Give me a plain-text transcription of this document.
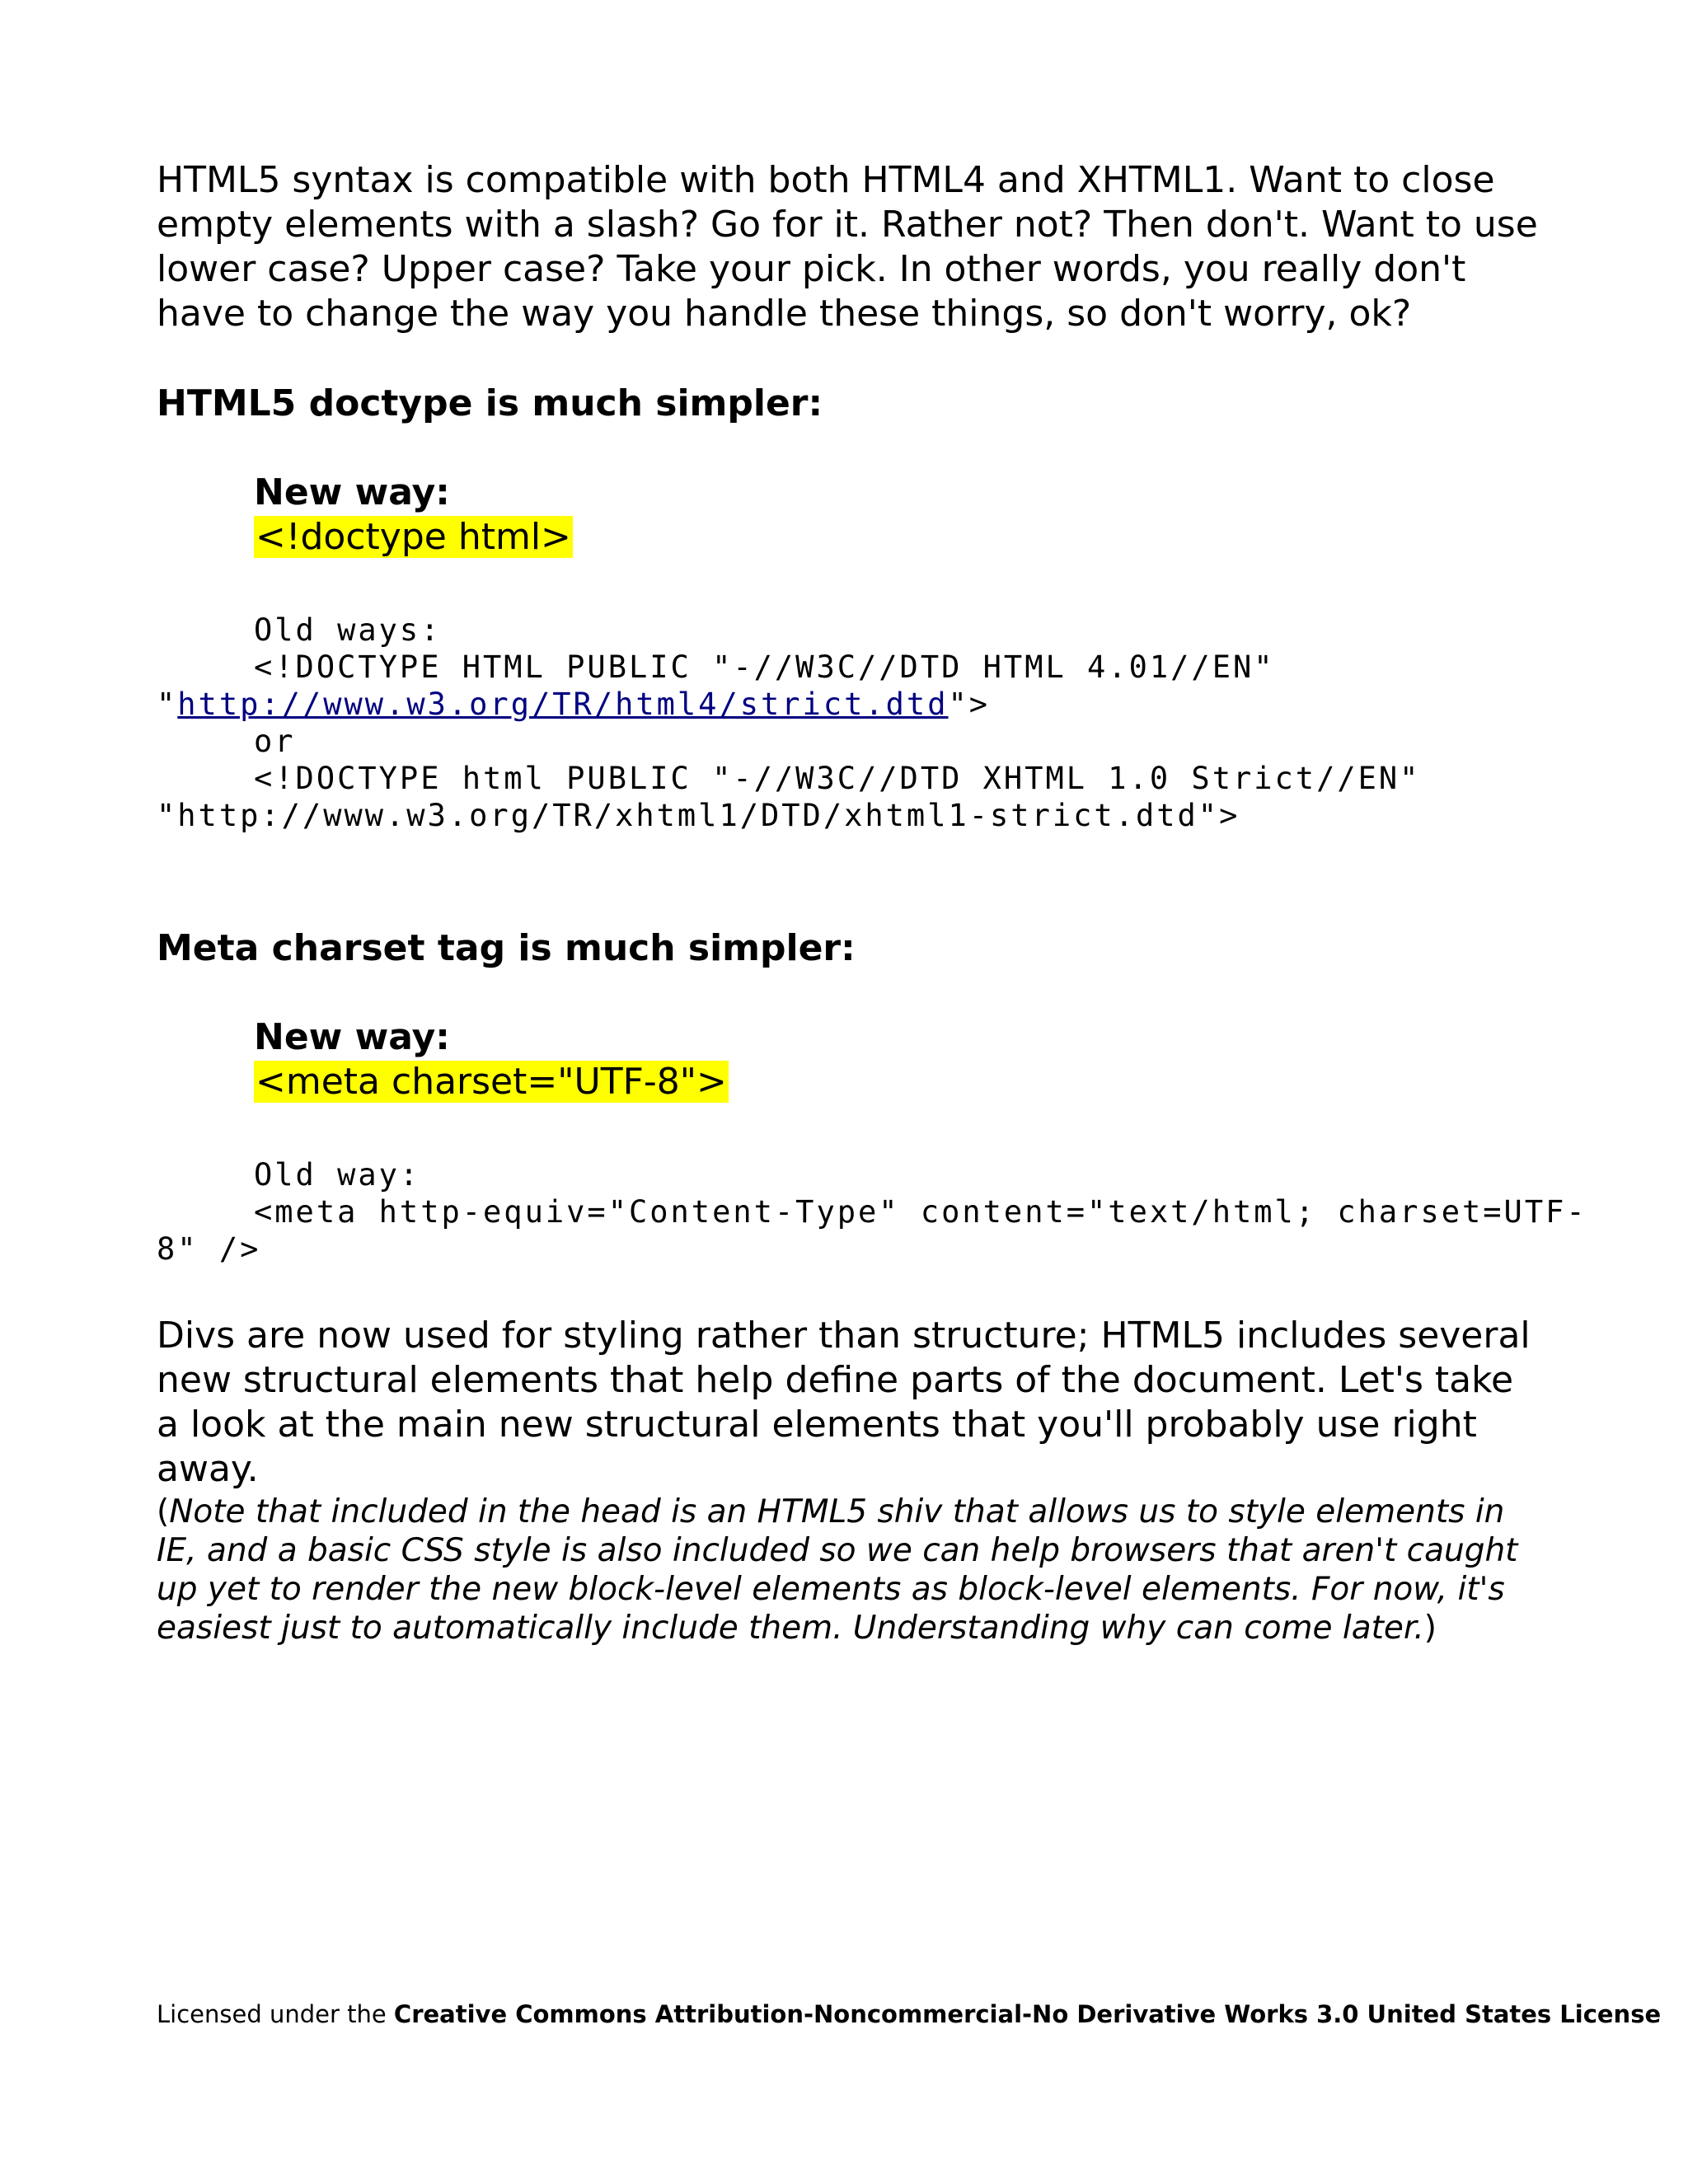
HTML5 syntax is compatible with both HTML4 and XHTML1. Want to close empty elements with a slash? Go for it. Rather not? Then don't. Want to use lower case? Upper case? Take your pick. In other words, you really don't have to change the way you handle these things, so don't worry, ok?

HTML5 doctype is much simpler:
New way:
<!doctype html>
Old ways:
<!DOCTYPE HTML PUBLIC "-//W3C//DTD HTML 4.01//EN"
"http://www.w3.org/TR/html4/strict.dtd">
or
<!DOCTYPE html PUBLIC "-//W3C//DTD XHTML 1.0 Strict//EN"
"http://www.w3.org/TR/xhtml1/DTD/xhtml1-strict.dtd">
Meta charset tag is much simpler:
New way:
<meta charset="UTF-8">
Old way:
<meta http-equiv="Content-Type" content="text/html; charset=UTF-
8" />

Divs are now used for styling rather than structure; HTML5 includes several new structural elements that help define parts of the document. Let's take a look at the main new structural elements that you'll probably use right away.

(Note that included in the head is an HTML5 shiv that allows us to style elements in IE, and a basic CSS style is also included so we can help browsers that aren't caught up yet to render the new block-level elements as block-level elements. For now, it's easiest just to automatically include them. Understanding why can come later.)

Licensed under the Creative Commons Attribution-Noncommercial-No Derivative Works 3.0 United States License
